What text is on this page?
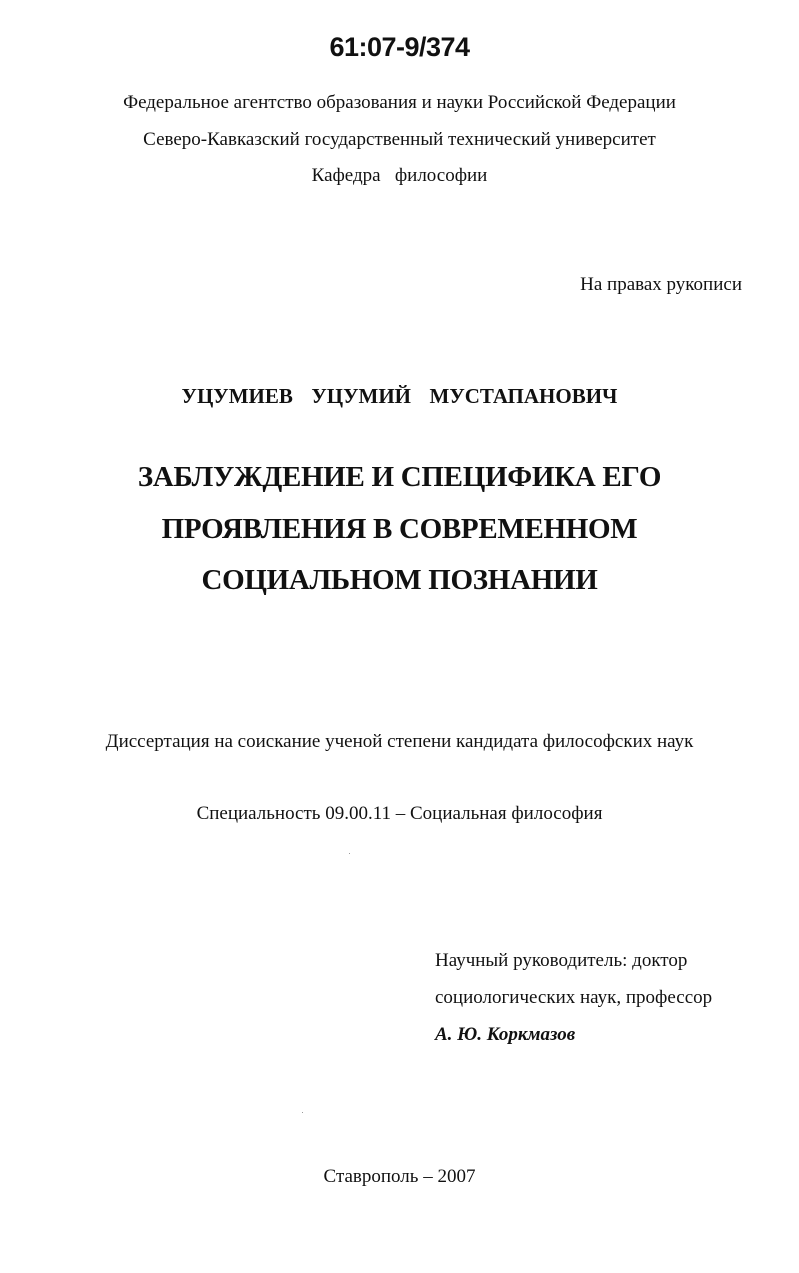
61:07-9/374
Федеральное агентство образования и науки Российской Федерации
Северо-Кавказский государственный технический университет
Кафедра   философии
На правах рукописи
УЦУМИЕВ  УЦУМИЙ  МУСТАПАНОВИЧ
ЗАБЛУЖДЕНИЕ И СПЕЦИФИКА ЕГО
ПРОЯВЛЕНИЯ В СОВРЕМЕННОМ
СОЦИАЛЬНОМ ПОЗНАНИИ
Диссертация на соискание ученой степени кандидата философских наук
Специальность 09.00.11 – Социальная философия
Научный руководитель: доктор
социологических наук, профессор
А. Ю. Коркмазов
Ставрополь – 2007
